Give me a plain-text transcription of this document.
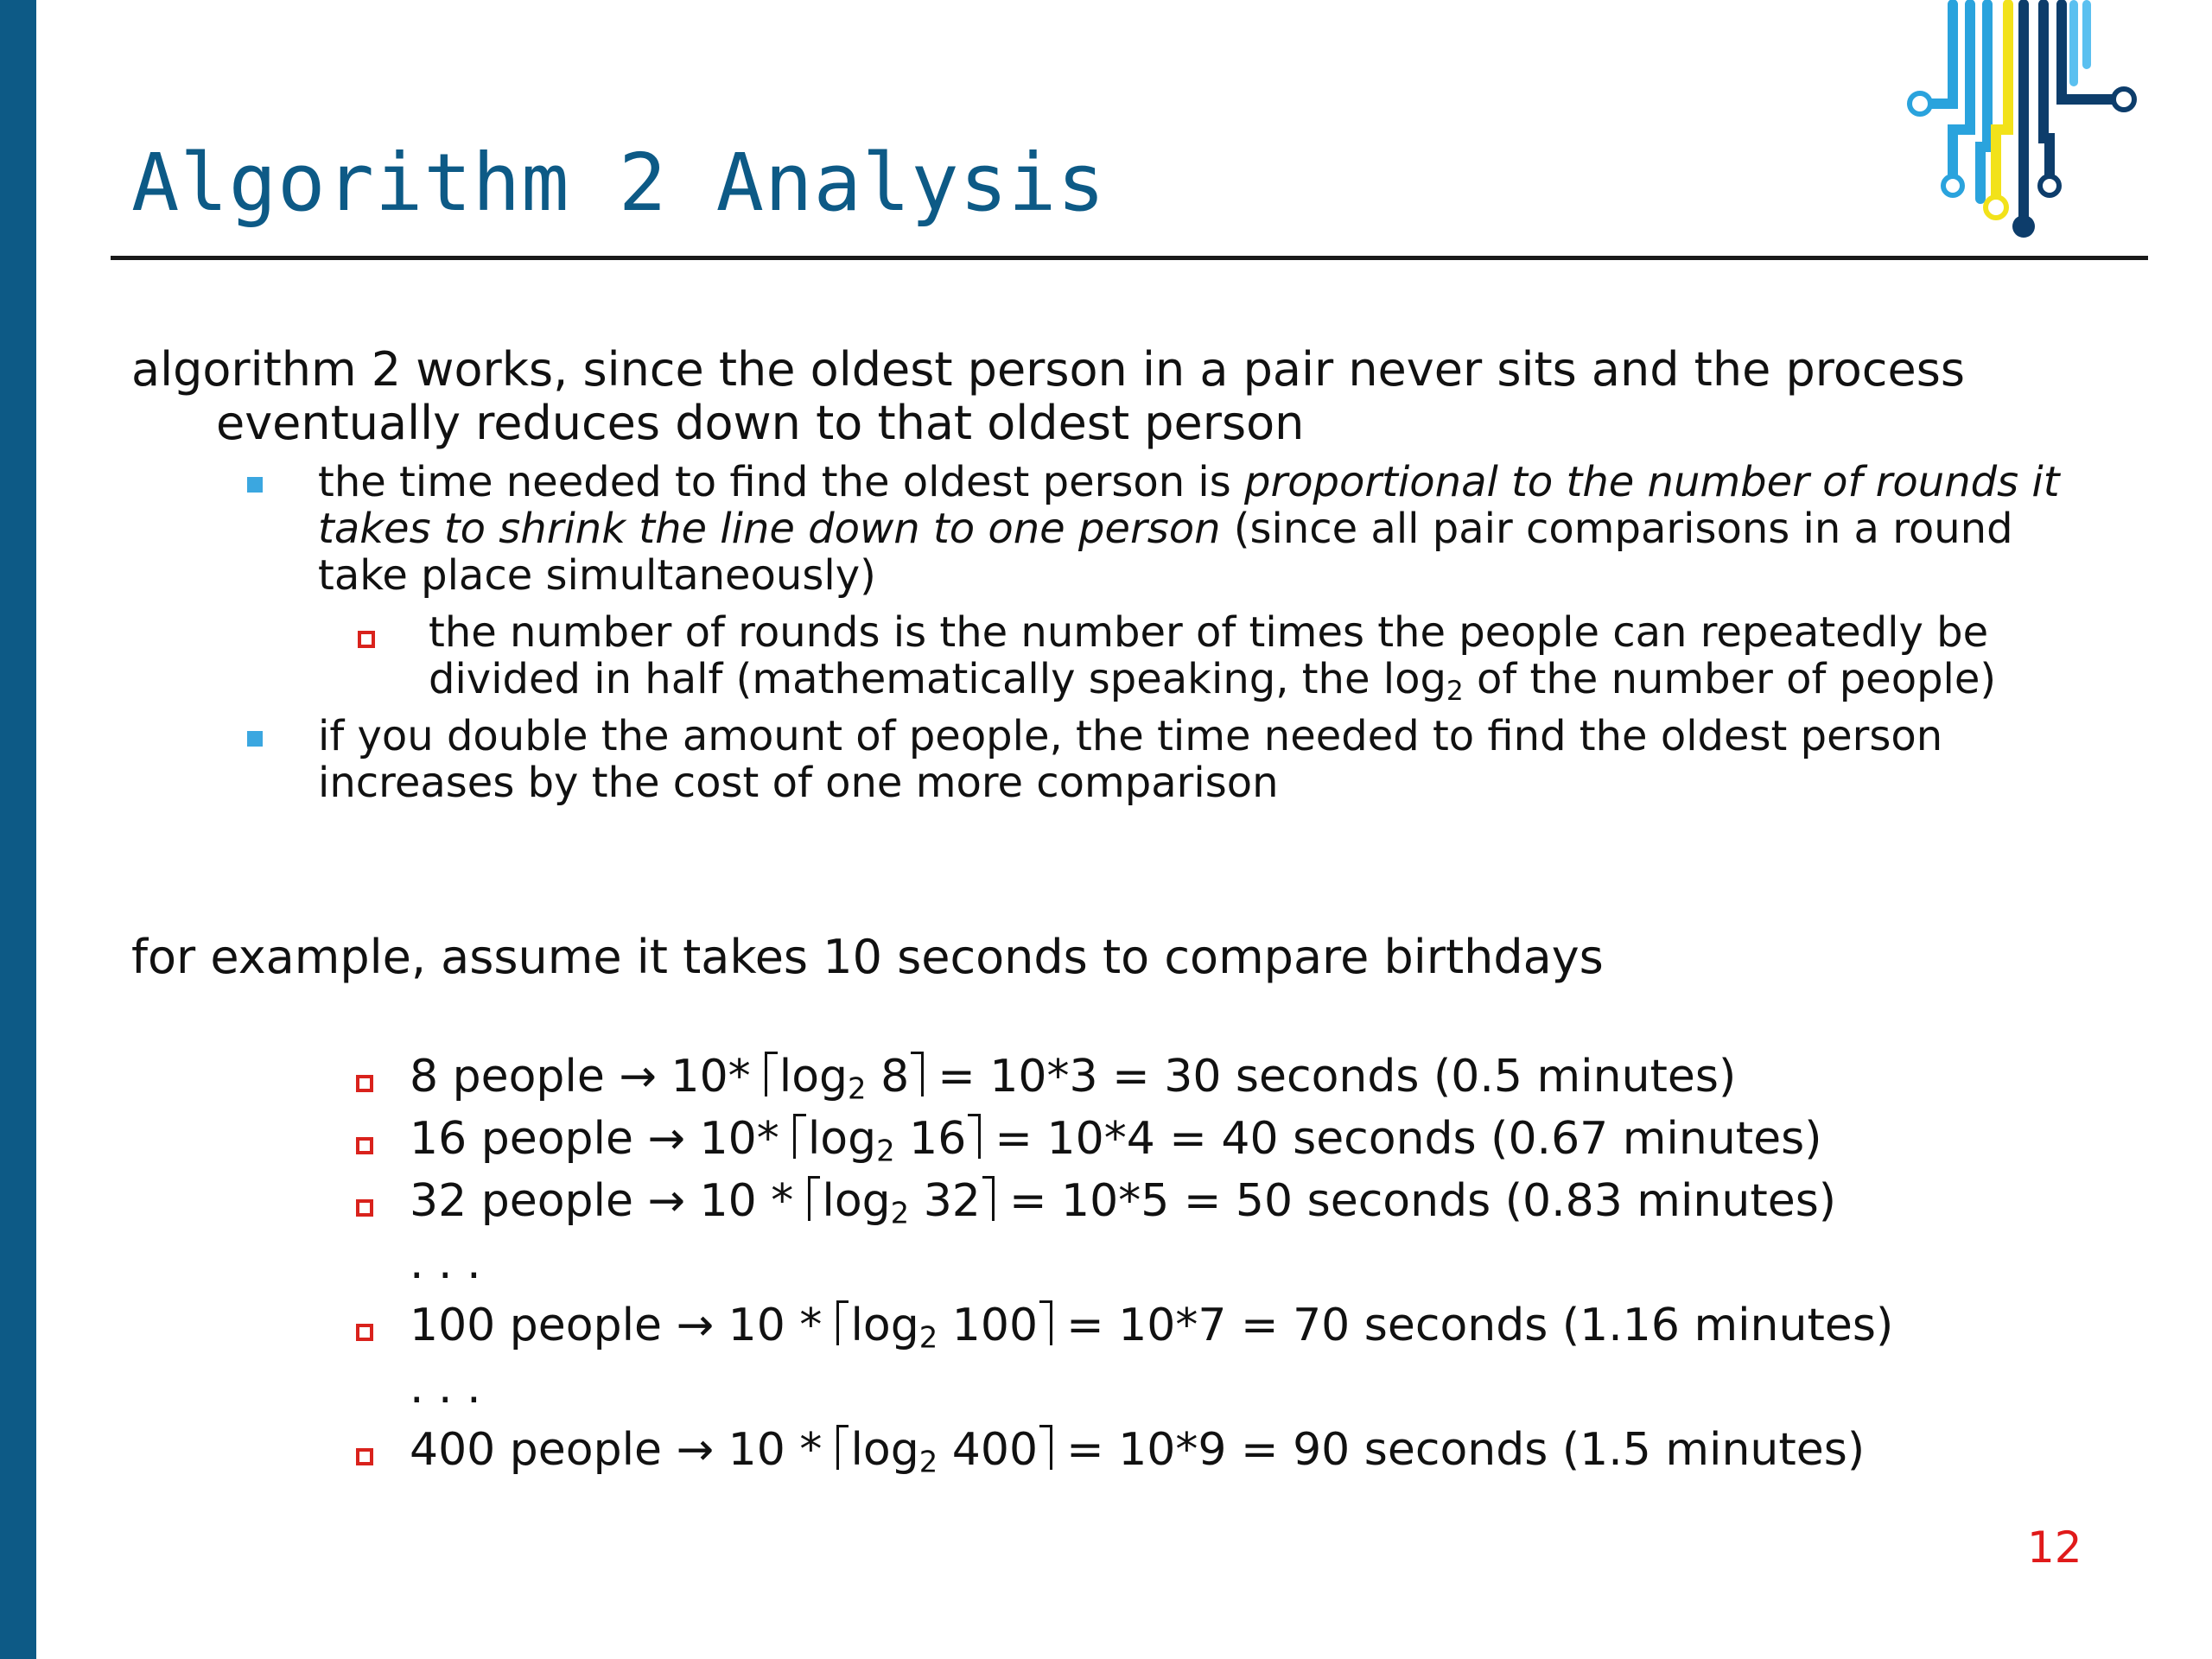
Algorithm 2 Analysis
algorithm 2 works, since the oldest person in a pair never sits and the process
eventually reduces down to that oldest person
the time needed to find the oldest person is proportional to the number of rounds it
takes to shrink the line down to one person (since all pair comparisons in a round
take place simultaneously)
the number of rounds is the number of times the people can repeatedly be
divided in half (mathematically speaking, the $\log_2$ of the number of people)
if you double the amount of people, the time needed to find the oldest person
increases by the cost of one more comparison
for example, assume it takes 10 seconds to compare birthdays
8 people → 10* $\log_2 8 = 10*3 = 30$ seconds (0.5 minutes)
16 people → 10* $\log_2 16 = 10*4 = 40$ seconds (0.67 minutes)
32 people → $10 * \log_2 32 = 10*5 = 50$ seconds (0.83 minutes)
. . .
100 people → $10 * \log_2 100 = 10*7 = 70$ seconds (1.16 minutes)
. . .
400 people → $10 * \log_2 400 = 10*9 = 90$ seconds (1.5 minutes)
12
